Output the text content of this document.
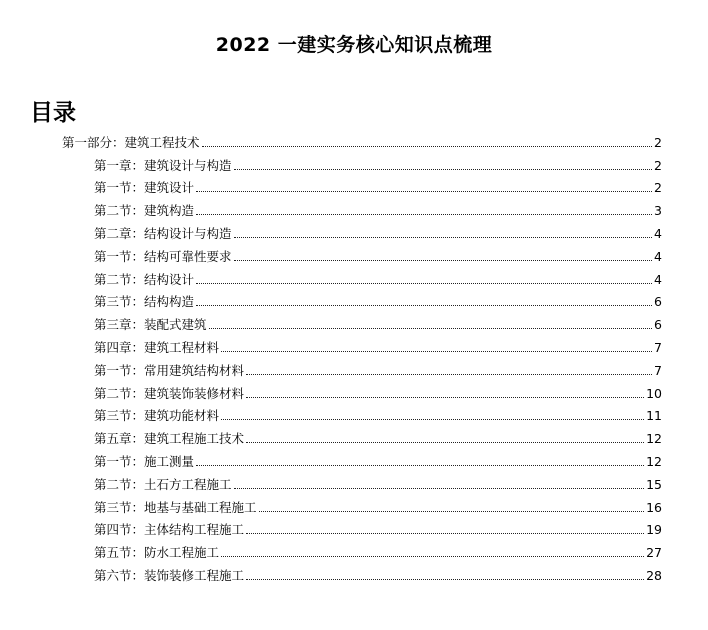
2022 一建实务核心知识点梳理
目录
第一部分：建筑工程技术	2
第一章：建筑设计与构造	2
第一节：建筑设计	2
第二节：建筑构造	3
第二章：结构设计与构造	4
第一节：结构可靠性要求	4
第二节：结构设计	4
第三节：结构构造	6
第三章：装配式建筑	6
第四章：建筑工程材料	7
第一节：常用建筑结构材料	7
第二节：建筑装饰装修材料	10
第三节：建筑功能材料	11
第五章：建筑工程施工技术	12
第一节：施工测量	12
第二节：土石方工程施工	15
第三节：地基与基础工程施工	16
第四节：主体结构工程施工	19
第五节：防水工程施工	27
第六节：装饰装修工程施工	28
